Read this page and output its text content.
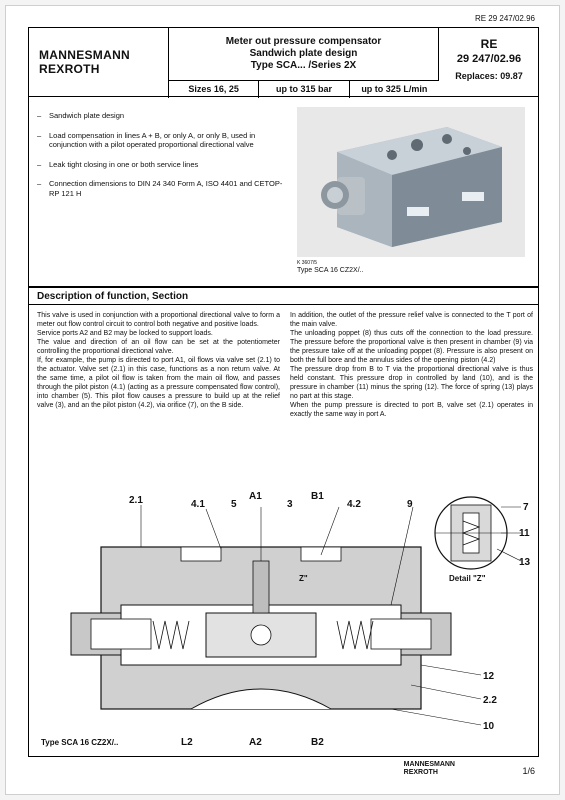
RE 29 247/02.96
MANNESMANN
REXROTH
Meter out pressure compensator
Sandwich plate design
Type SCA... /Series 2X
Sizes 16, 25	up to 315 bar	up to 325 L/min
RE
29 247/02.96
Replaces: 09.87
– Sandwich plate design
– Load compensation in lines A + B, or only A, or only B, used in conjunction with a pilot operated proportional directional valve
– Leak tight closing in one or both service lines
– Connection dimensions to DIN 24 340 Form A, ISO 4401 and CETOP-RP 121 H
K 3607/5
Type SCA 16 CZ2X/..
Description of function, Section

This valve is used in conjunction with a proportional directional valve to form a meter out flow control circuit to control both negative and positive loads.

Service ports A2 and B2 may be locked to support loads.

The value and direction of an oil flow can be set at the potentiometer controlling the proportional directional valve.

If, for example, the pump is directed to port A1, oil flows via valve set (2.1) to the actuator. Valve set (2.1) in this case, functions as a non return valve. At the same time, a pilot oil flow is taken from the main oil flow, and passes through the pilot piston (4.1) (acting as a pressure compensated flow control), into chamber (5). This pilot flow causes a pressure to build up at the relief valve (3), and an the pilot piston (4.2), via orifice (7), on the B side.

In addition, the outlet of the pressure relief valve is connected to the T port of the main valve.

The unloading poppet (8) thus cuts off the connection to the load pressure. The pressure before the proportional valve is then present in chamber (9) via the pressure take off at the unloading poppet (8). Pressure is also present on both the full bore and the annulus sides of the opening piston (4.2)

The pressure drop from B to T via the proportional directional valve is thus held constant. This pressure drop in controlled by land (10), and is the pressure in chamber (11) minus the spring (12). The force of spring (13) plays no part at this stage.

When the pump pressure is directed to port B, valve set (2.1) operates in exactly the same way in port A.

7
11
13
Detail "Z"
2.1	4.1	5
A1
3
B1
4.2	9
Z"
12
2.2
10
Type SCA 16 CZ2X/..	L2	A2	B2
MANNESMANN
REXROTH	1/6
